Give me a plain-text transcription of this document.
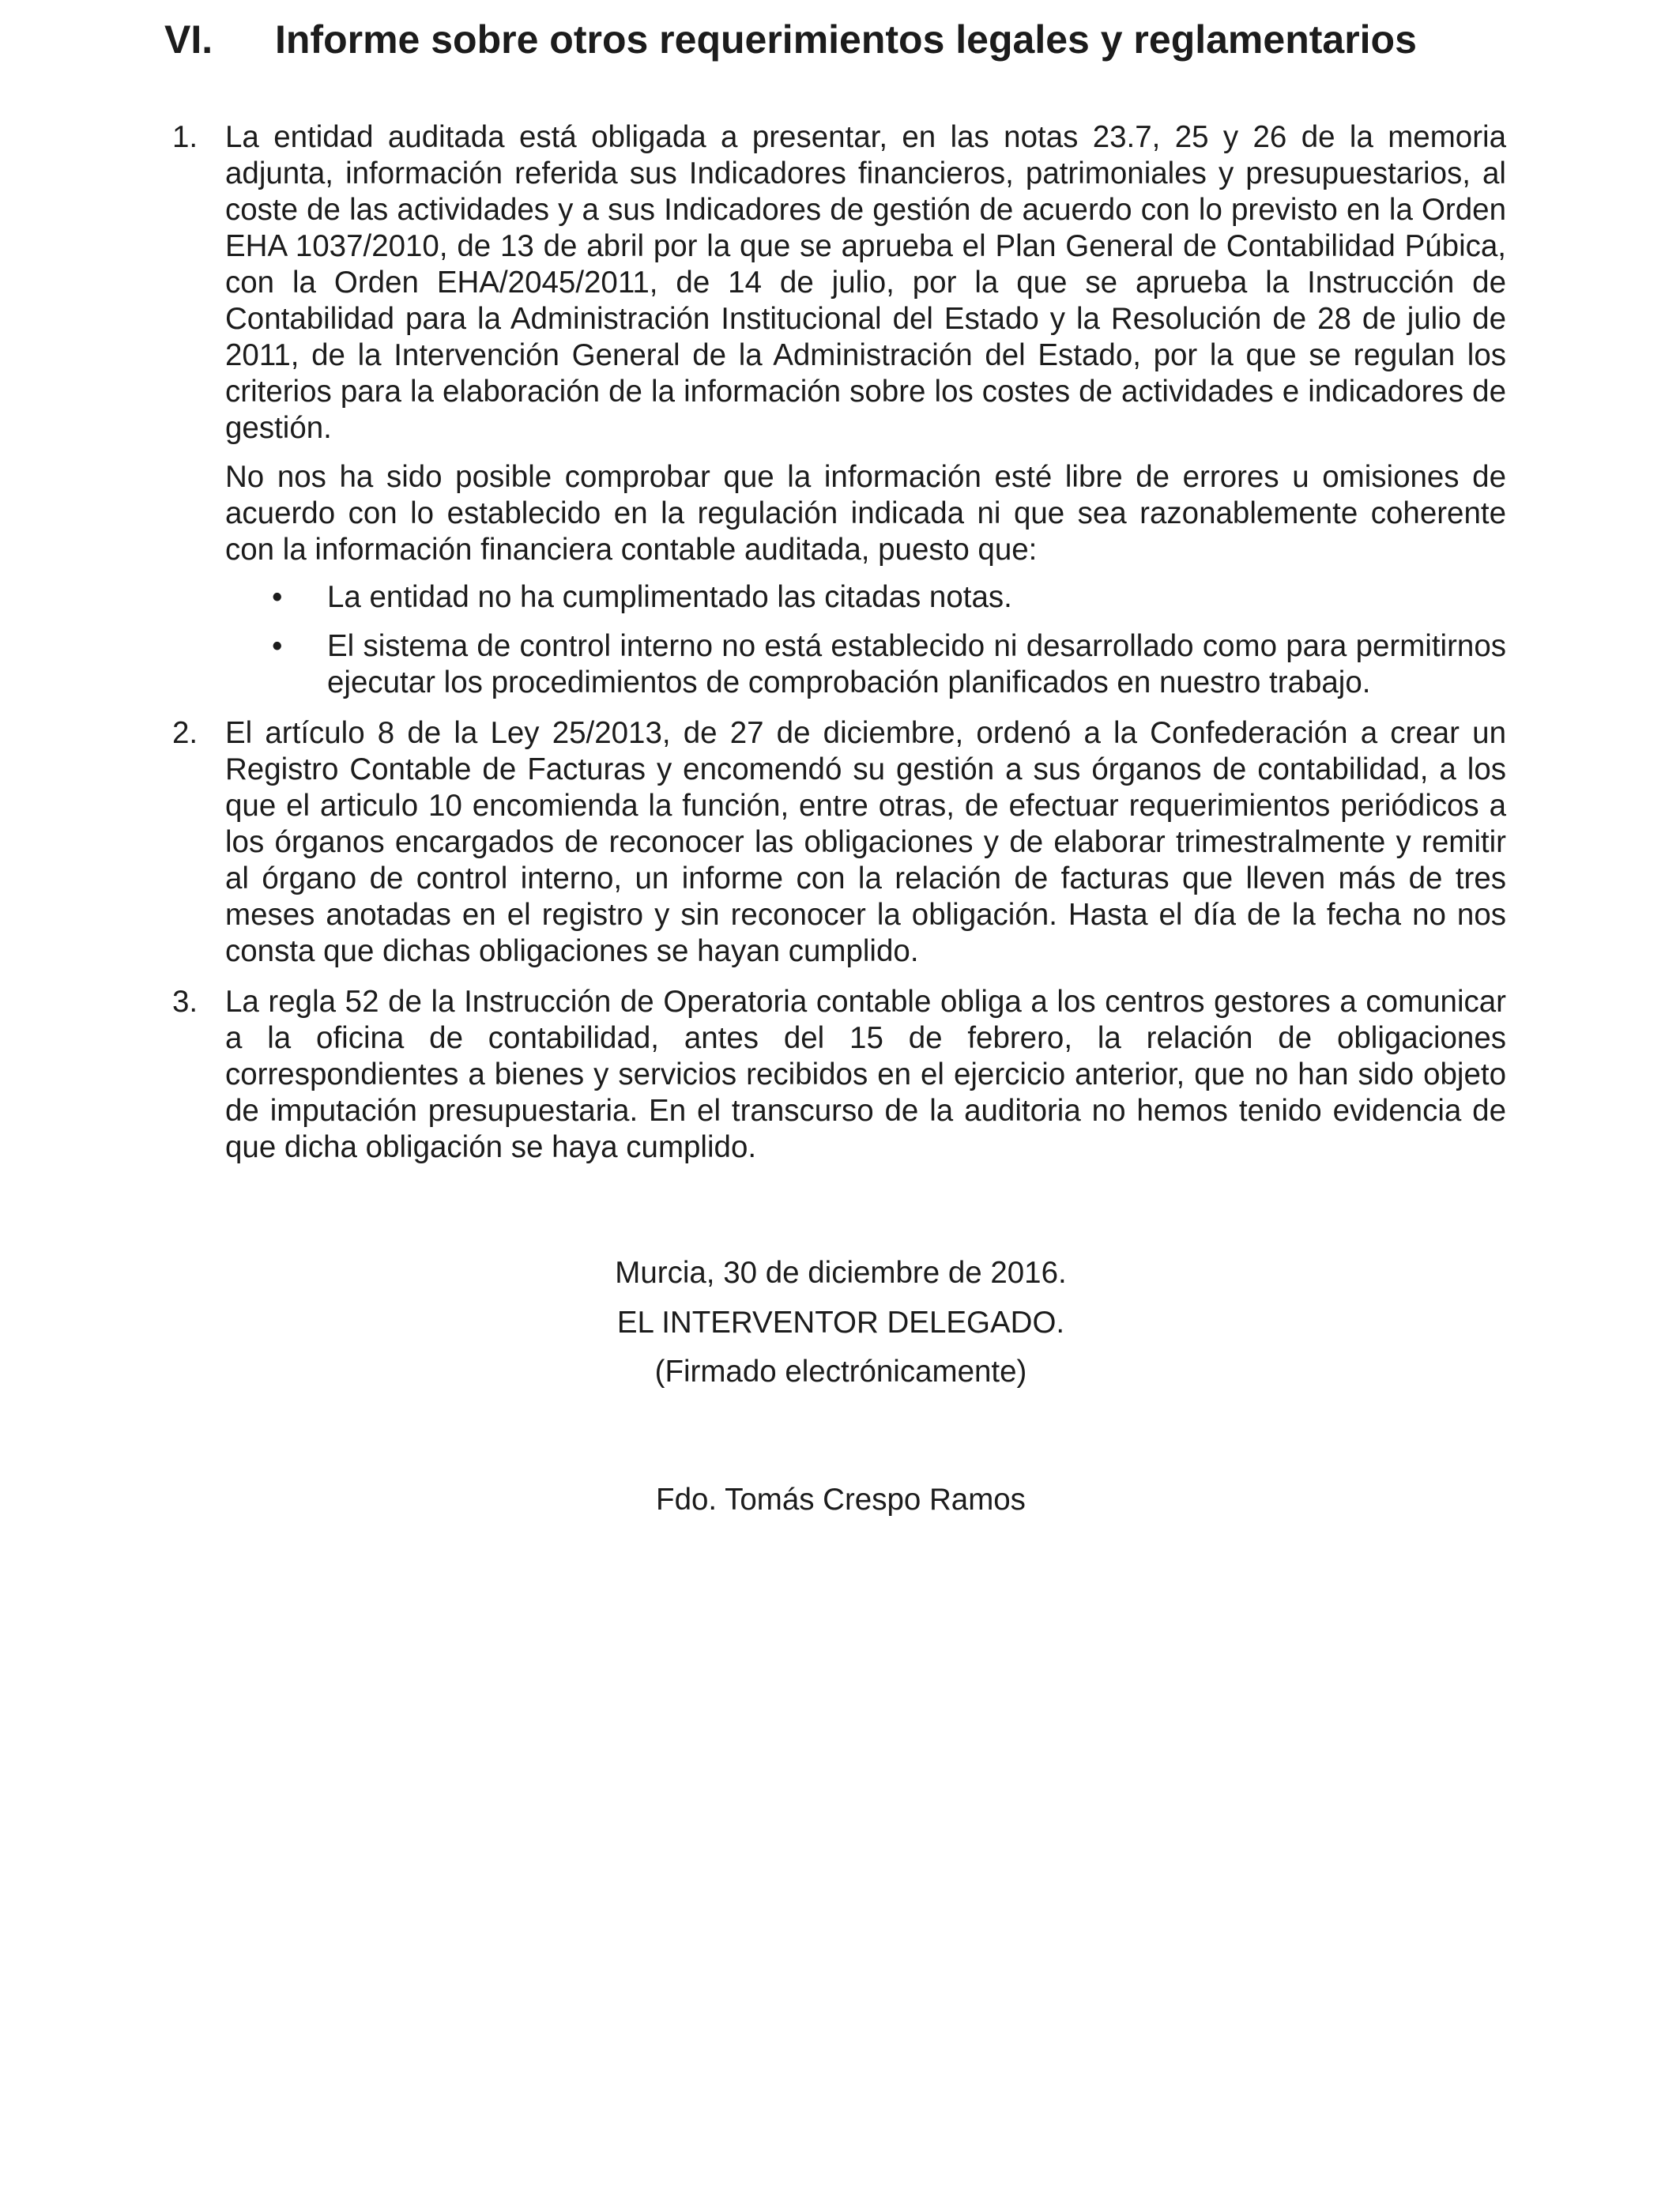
VI. Informe sobre otros requerimientos legales y reglamentarios
1. La entidad auditada está obligada a presentar, en las notas 23.7, 25 y 26 de la memoria adjunta, información referida sus Indicadores financieros, patrimoniales y presupuestarios, al coste de las actividades y a sus Indicadores de gestión de acuerdo con lo previsto en la Orden EHA 1037/2010, de 13 de abril por la que se aprueba el Plan General de Contabilidad Púbica, con la Orden EHA/2045/2011, de 14 de julio, por la que se aprueba la Instrucción de Contabilidad para la Administración Institucional del Estado y la Resolución de 28 de julio de 2011, de la Intervención General de la Administración del Estado, por la que se regulan los criterios para la elaboración de la información sobre los costes de actividades e indicadores de gestión.

No nos ha sido posible comprobar que la información esté libre de errores u omisiones de acuerdo con lo establecido en la regulación indicada ni que sea razonablemente coherente con la información financiera contable auditada, puesto que:

• La entidad no ha cumplimentado las citadas notas.
• El sistema de control interno no está establecido ni desarrollado como para permitirnos ejecutar los procedimientos de comprobación planificados en nuestro trabajo.
2. El artículo 8 de la Ley 25/2013, de 27 de diciembre, ordenó a la Confederación a crear un Registro Contable de Facturas y encomendó su gestión a sus órganos de contabilidad, a los que el articulo 10 encomienda la función, entre otras, de efectuar requerimientos periódicos a los órganos encargados de reconocer las obligaciones y de elaborar trimestralmente y remitir al órgano de control interno, un informe con la relación de facturas que lleven más de tres meses anotadas en el registro y sin reconocer la obligación. Hasta el día de la fecha no nos consta que dichas obligaciones se hayan cumplido.

3. La regla 52 de la Instrucción de Operatoria contable obliga a los centros gestores a comunicar a la oficina de contabilidad, antes del 15 de febrero, la relación de obligaciones correspondientes a bienes y servicios recibidos en el ejercicio anterior, que no han sido objeto de imputación presupuestaria. En el transcurso de la auditoria no hemos tenido evidencia de que dicha obligación se haya cumplido.

Murcia, 30 de diciembre de 2016.
EL INTERVENTOR DELEGADO.
(Firmado electrónicamente)
Fdo. Tomás Crespo Ramos
